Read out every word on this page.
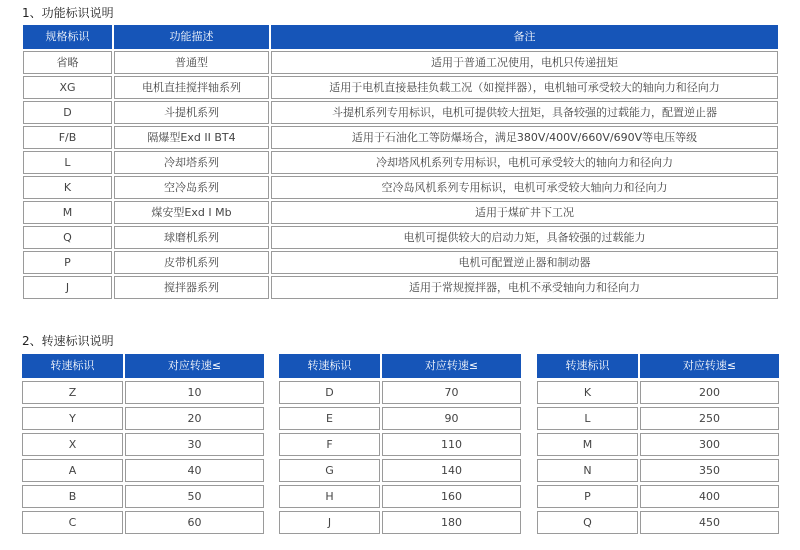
1、功能标识说明
规格标识	功能描述	备注
省略	普通型	适用于普通工况使用，电机只传递扭矩
XG	电机直挂搅拌轴系列	适用于电机直接悬挂负载工况（如搅拌器），电机轴可承受较大的轴向力和径向力
D	斗提机系列	斗提机系列专用标识，电机可提供较大扭矩，具备较强的过载能力，配置逆止器
F/B	隔爆型Exd II BT4	适用于石油化工等防爆场合，满足380V/400V/660V/690V等电压等级
L	冷却塔系列	冷却塔风机系列专用标识，电机可承受较大的轴向力和径向力
K	空冷岛系列	空冷岛风机系列专用标识，电机可承受较大轴向力和径向力
M	煤安型Exd I Mb	适用于煤矿井下工况
Q	球磨机系列	电机可提供较大的启动力矩，具备较强的过载能力
P	皮带机系列	电机可配置逆止器和制动器
J	搅拌器系列	适用于常规搅拌器，电机不承受轴向力和径向力
2、转速标识说明
转速标识	对应转速≤
Z	10
Y	20
X	30
A	40
B	50
C	60
转速标识	对应转速≤
D	70
E	90
F	110
G	140
H	160
J	180
转速标识	对应转速≤
K	200
L	250
M	300
N	350
P	400
Q	450
